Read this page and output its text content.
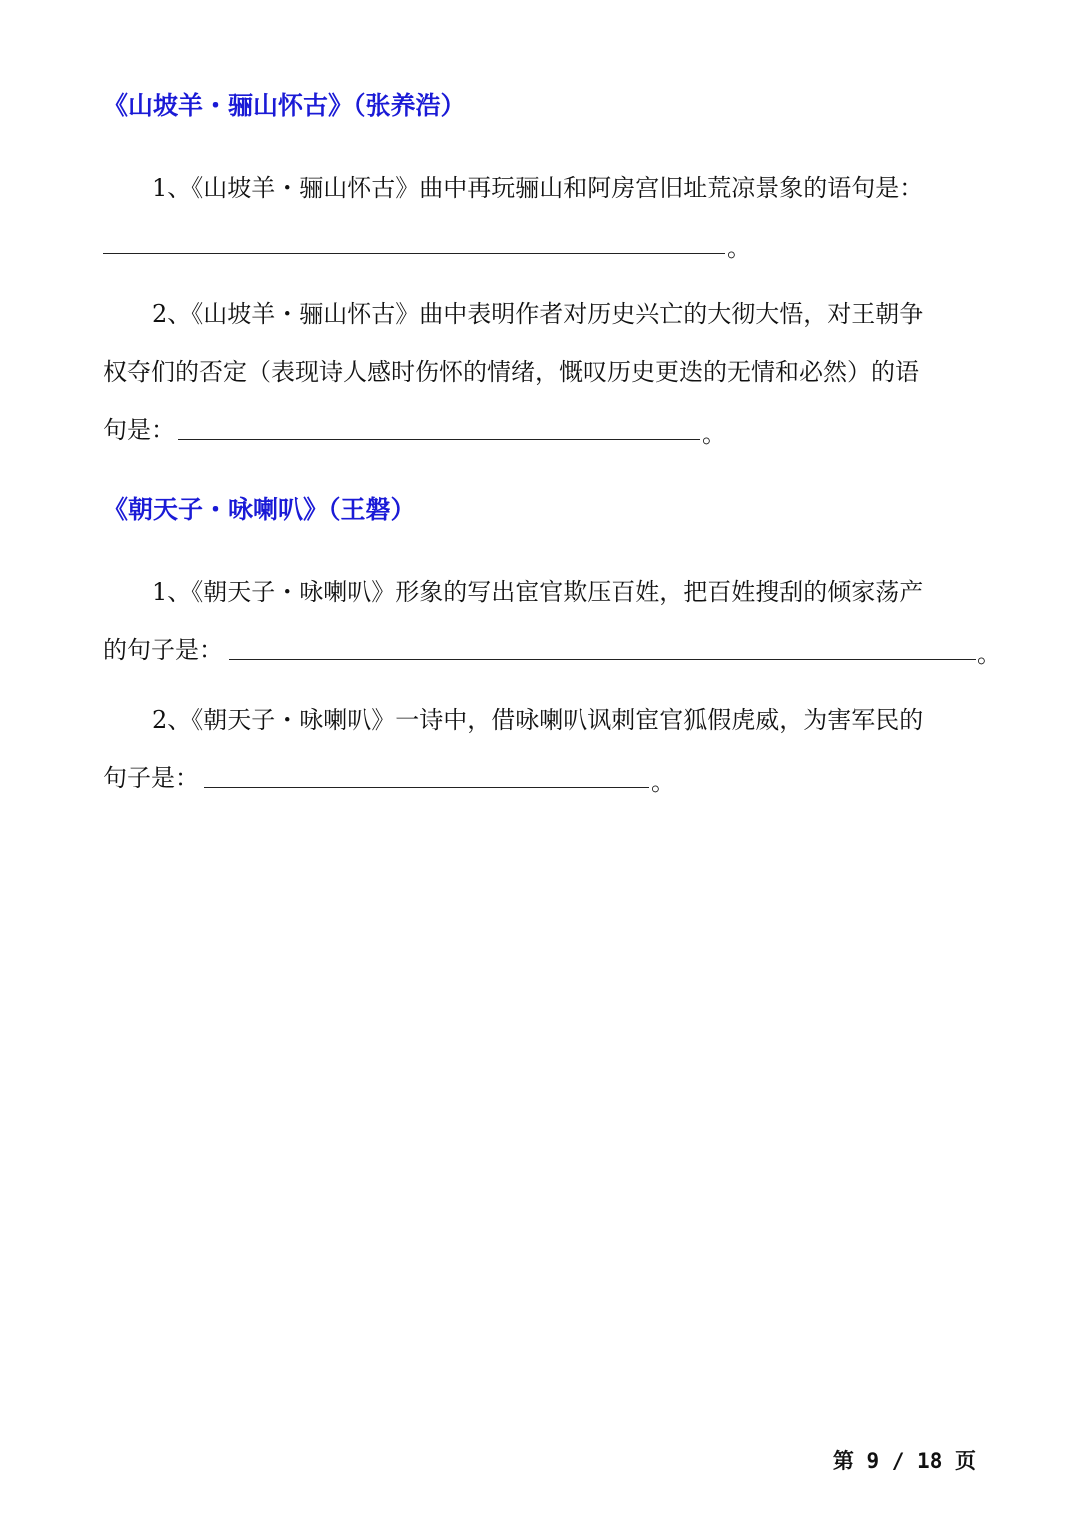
《山坡羊・骊山怀古》（张养浩）
1、《山坡羊・骊山怀古》曲中再玩骊山和阿房宫旧址荒凉景象的语句是：
。
2、《山坡羊・骊山怀古》曲中表明作者对历史兴亡的大彻大悟，对王朝争
权夺们的否定（表现诗人感时伤怀的情绪，慨叹历史更迭的无情和必然）的语
句是：	。
《朝天子・咏喇叭》（王磐）
1、《朝天子・咏喇叭》形象的写出宦官欺压百姓，把百姓搜刮的倾家荡产
的句子是：	。
2、《朝天子・咏喇叭》一诗中，借咏喇叭讽刺宦官狐假虎威，为害军民的
句子是：	。
第 9 / 18 页
